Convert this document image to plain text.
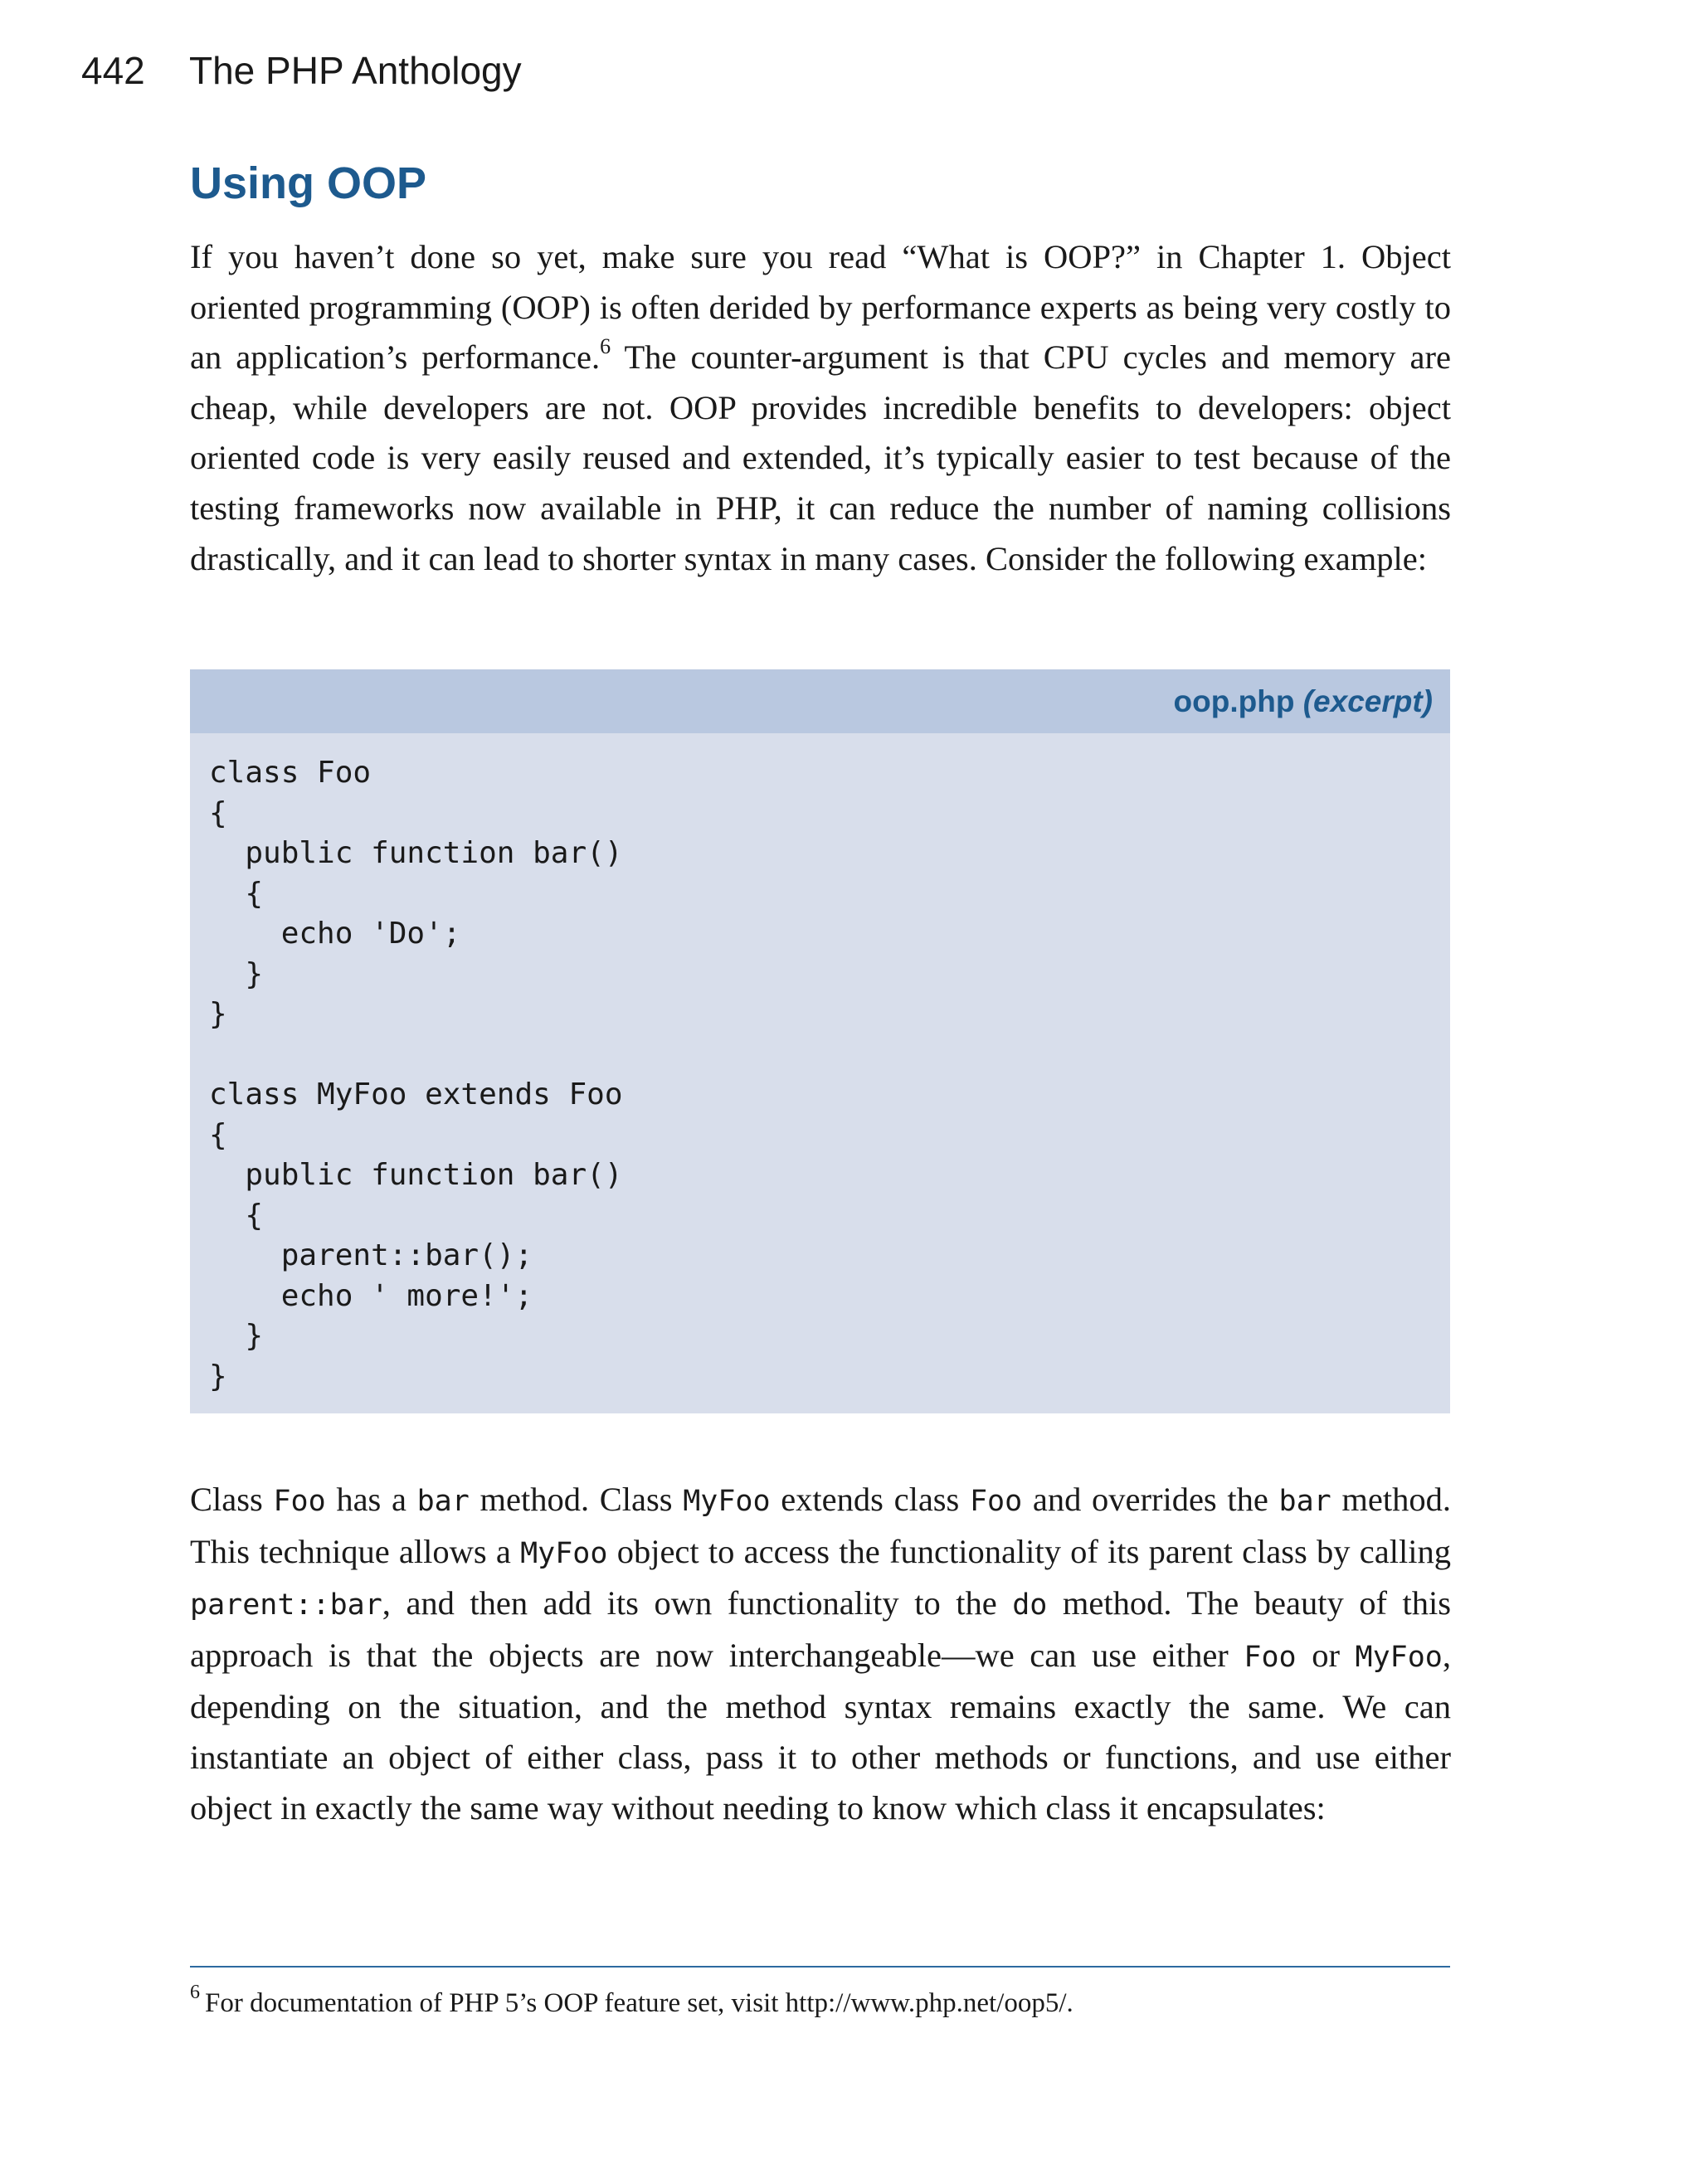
442 The PHP Anthology
Using OOP

If you haven’t done so yet, make sure you read “What is OOP?” in Chapter 1. Object oriented programming (OOP) is often derided by performance experts as being very costly to an application’s performance.$^6$ The counter-argument is that CPU cycles and memory are cheap, while developers are not. OOP provides incredible benefits to developers: object oriented code is very easily reused and extended, it’s typically easier to test because of the testing frameworks now available in PHP, it can reduce the number of naming collisions drastically, and it can lead to shorter syntax in many cases. Consider the following example:

oop.php (excerpt)
class Foo
{
public function bar()
{
echo 'Do';
}
}

class MyFoo extends Foo
{
public function bar()
{
parent::bar();
echo ' more!';
}
}

Class Foo has a bar method. Class MyFoo extends class Foo and overrides the bar method. This technique allows a MyFoo object to access the functionality of its parent class by calling parent::bar, and then add its own functionality to the do method. The beauty of this approach is that the objects are now interchangeable—we can use either Foo or MyFoo, depending on the situation, and the method syntax remains exactly the same. We can instantiate an object of either class, pass it to other methods or functions, and use either object in exactly the same way without needing to know which class it encapsulates:

$^6$ For documentation of PHP 5’s OOP feature set, visit http://www.php.net/oop5/.
